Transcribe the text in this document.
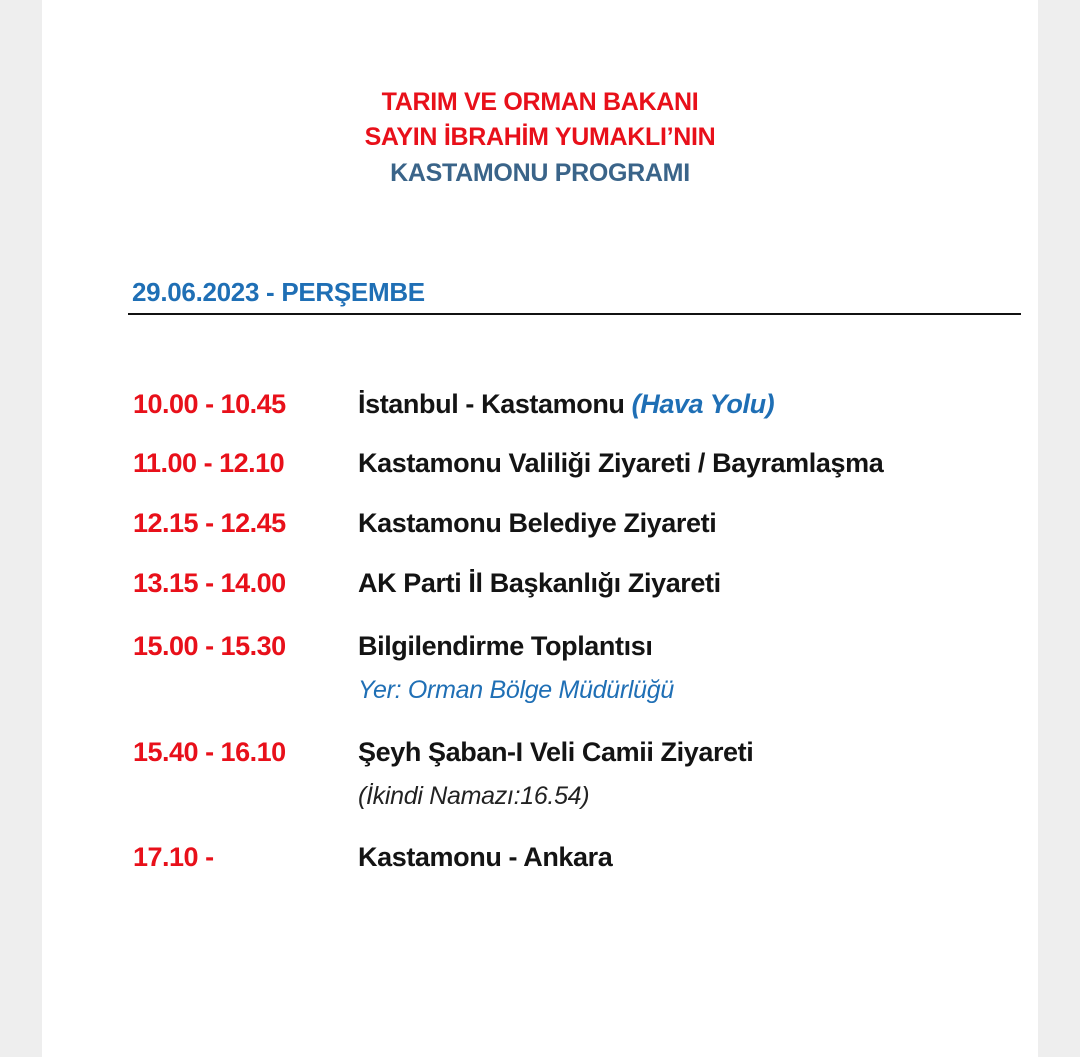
TARIM VE ORMAN BAKANI
SAYIN İBRAHİM YUMAKLI’NIN
KASTAMONU PROGRAMI
29.06.2023 - PERŞEMBE
10.00 - 10.45	İstanbul - Kastamonu (Hava Yolu)
11.00 - 12.10	Kastamonu Valiliği Ziyareti / Bayramlaşma
12.15 - 12.45	Kastamonu Belediye Ziyareti
13.15 - 14.00	AK Parti İl Başkanlığı Ziyareti
15.00 - 15.30	Bilgilendirme Toplantısı
Yer: Orman Bölge Müdürlüğü
15.40 - 16.10	Şeyh Şaban-I Veli Camii Ziyareti
(İkindi Namazı:16.54)
17.10 -	Kastamonu - Ankara
